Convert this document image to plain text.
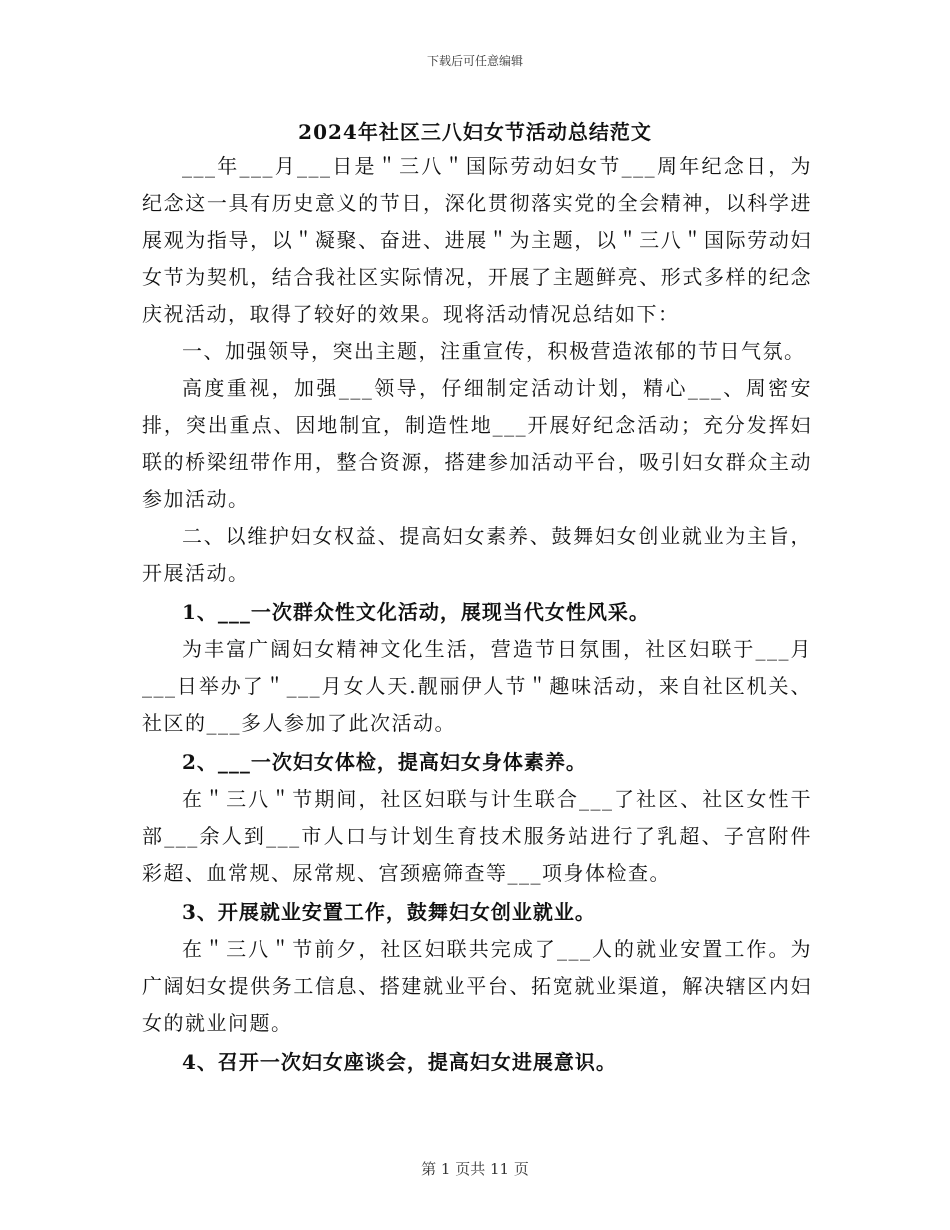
下载后可任意编辑
2024年社区三八妇女节活动总结范文

___年___月___日是＂三八＂国际劳动妇女节___周年纪念日，为纪念这一具有历史意义的节日，深化贯彻落实党的全会精神，以科学进展观为指导，以＂凝聚、奋进、进展＂为主题，以＂三八＂国际劳动妇女节为契机，结合我社区实际情况，开展了主题鲜亮、形式多样的纪念庆祝活动，取得了较好的效果。现将活动情况总结如下：

一、加强领导，突出主题，注重宣传，积极营造浓郁的节日气氛。

高度重视，加强___领导，仔细制定活动计划，精心___、周密安排，突出重点、因地制宜，制造性地___开展好纪念活动；充分发挥妇联的桥梁纽带作用，整合资源，搭建参加活动平台，吸引妇女群众主动参加活动。

二、以维护妇女权益、提高妇女素养、鼓舞妇女创业就业为主旨，开展活动。

1、___一次群众性文化活动，展现当代女性风采。

为丰富广阔妇女精神文化生活，营造节日氛围，社区妇联于___月___日举办了＂___月女人天.靓丽伊人节＂趣味活动，来自社区机关、社区的___多人参加了此次活动。

2、___一次妇女体检，提高妇女身体素养。

在＂三八＂节期间，社区妇联与计生联合___了社区、社区女性干部___余人到___市人口与计划生育技术服务站进行了乳超、子宫附件彩超、血常规、尿常规、宫颈癌筛查等___项身体检查。

3、开展就业安置工作，鼓舞妇女创业就业。

在＂三八＂节前夕，社区妇联共完成了___人的就业安置工作。为广阔妇女提供务工信息、搭建就业平台、拓宽就业渠道，解决辖区内妇女的就业问题。

4、召开一次妇女座谈会，提高妇女进展意识。

第 1 页共 11 页
